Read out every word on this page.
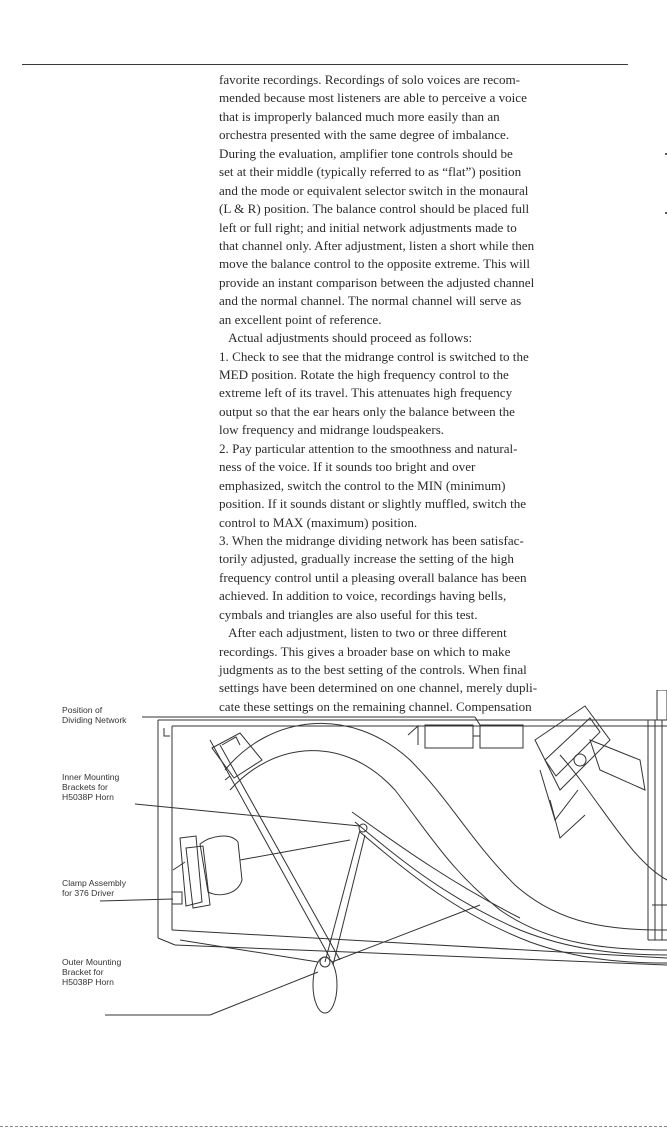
favorite recordings. Recordings of solo voices are recom-
mended because most listeners are able to perceive a voice
that is improperly balanced much more easily than an
orchestra presented with the same degree of imbalance.
During the evaluation, amplifier tone controls should be
set at their middle (typically referred to as “flat”) position
and the mode or equivalent selector switch in the monaural
(L & R) position. The balance control should be placed full
left or full right; and initial network adjustments made to
that channel only. After adjustment, listen a short while then
move the balance control to the opposite extreme. This will
provide an instant comparison between the adjusted channel
and the normal channel. The normal channel will serve as
an excellent point of reference.
Actual adjustments should proceed as follows:
1. Check to see that the midrange control is switched to the
MED position. Rotate the high frequency control to the
extreme left of its travel. This attenuates high frequency
output so that the ear hears only the balance between the
low frequency and midrange loudspeakers.
2. Pay particular attention to the smoothness and natural-
ness of the voice. If it sounds too bright and over
emphasized, switch the control to the MIN (minimum)
position. If it sounds distant or slightly muffled, switch the
control to MAX (maximum) position.
3. When the midrange dividing network has been satisfac-
torily adjusted, gradually increase the setting of the high
frequency control until a pleasing overall balance has been
achieved. In addition to voice, recordings having bells,
cymbals and triangles are also useful for this test.
After each adjustment, listen to two or three different
recordings. This gives a broader base on which to make
judgments as to the best setting of the controls. When final
settings have been determined on one channel, merely dupli-
cate these settings on the remaining channel. Compensation
Position of
Dividing Network
Inner Mounting
Brackets for
H5038P Horn
Clamp Assembly
for 376 Driver
Outer Mounting
Bracket for
H5038P Horn
